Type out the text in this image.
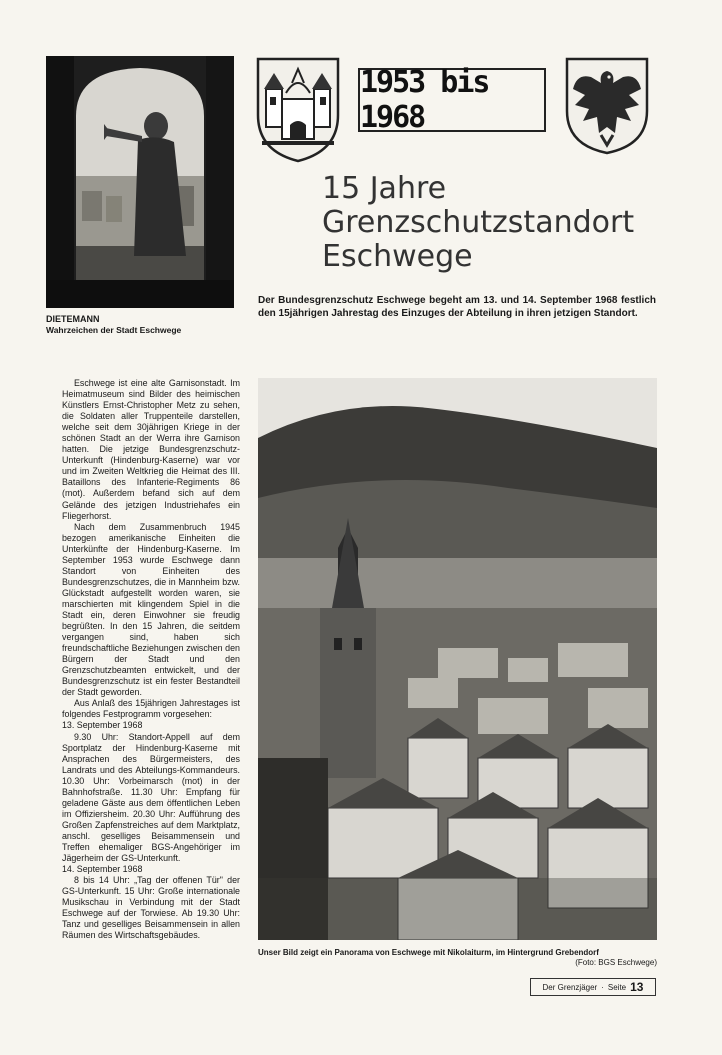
DIETEMANN
Wahrzeichen der Stadt Eschwege
1953 bis 1968
15 Jahre
Grenzschutzstandort
Eschwege
Der Bundesgrenzschutz Eschwege begeht am 13. und 14. September 1968 festlich den 15jährigen Jahrestag des Einzuges der Abteilung in ihren jetzigen Standort.

Eschwege ist eine alte Garnisonstadt. Im Heimatmuseum sind Bilder des heimischen Künstlers Ernst-Christopher Metz zu sehen, die Soldaten aller Truppenteile darstellen, welche seit dem 30jährigen Kriege in der schönen Stadt an der Werra ihre Garnison hatten. Die jetzige Bundesgrenzschutz-Unterkunft (Hindenburg-Kaserne) war vor und im Zweiten Weltkrieg die Heimat des III. Bataillons des Infanterie-Regiments 86 (mot). Außerdem befand sich auf dem Gelände des jetzigen Industriehafes ein Fliegerhorst.

Nach dem Zusammenbruch 1945 bezogen amerikanische Einheiten die Unterkünfte der Hindenburg-Kaserne. Im September 1953 wurde Eschwege dann Standort von Einheiten des Bundesgrenzschutzes, die in Mannheim bzw. Glückstadt aufgestellt worden waren, sie marschierten mit klingendem Spiel in die Stadt ein, deren Einwohner sie freudig begrüßten. In den 15 Jahren, die seitdem vergangen sind, haben sich freundschaftliche Beziehungen zwischen den Bürgern der Stadt und den Grenzschutzbeamten entwickelt, und der Bundesgrenzschutz ist ein fester Bestandteil der Stadt geworden.

Aus Anlaß des 15jährigen Jahrestages ist folgendes Festprogramm vorgesehen:

13. September 1968

9.30 Uhr: Standort-Appell auf dem Sportplatz der Hindenburg-Kaserne mit Ansprachen des Bürgermeisters, des Landrats und des Abteilungs-Kommandeurs. 10.30 Uhr: Vorbeimarsch (mot) in der Bahnhofstraße. 11.30 Uhr: Empfang für geladene Gäste aus dem öffentlichen Leben im Offiziersheim. 20.30 Uhr: Aufführung des Großen Zapfenstreiches auf dem Marktplatz, anschl. geselliges Beisammensein und Treffen ehemaliger BGS-Angehöriger im Jägerheim der GS-Unterkunft.

14. September 1968

8 bis 14 Uhr: „Tag der offenen Tür" der GS-Unterkunft. 15 Uhr: Große internationale Musikschau in Verbindung mit der Stadt Eschwege auf der Torwiese. Ab 19.30 Uhr: Tanz und geselliges Beisammensein in allen Räumen des Wirtschaftsgebäudes.

Unser Bild zeigt ein Panorama von Eschwege mit Nikolaiturm, im Hintergrund Grebendorf
(Foto: BGS Eschwege)
Der Grenzjäger · Seite 13
